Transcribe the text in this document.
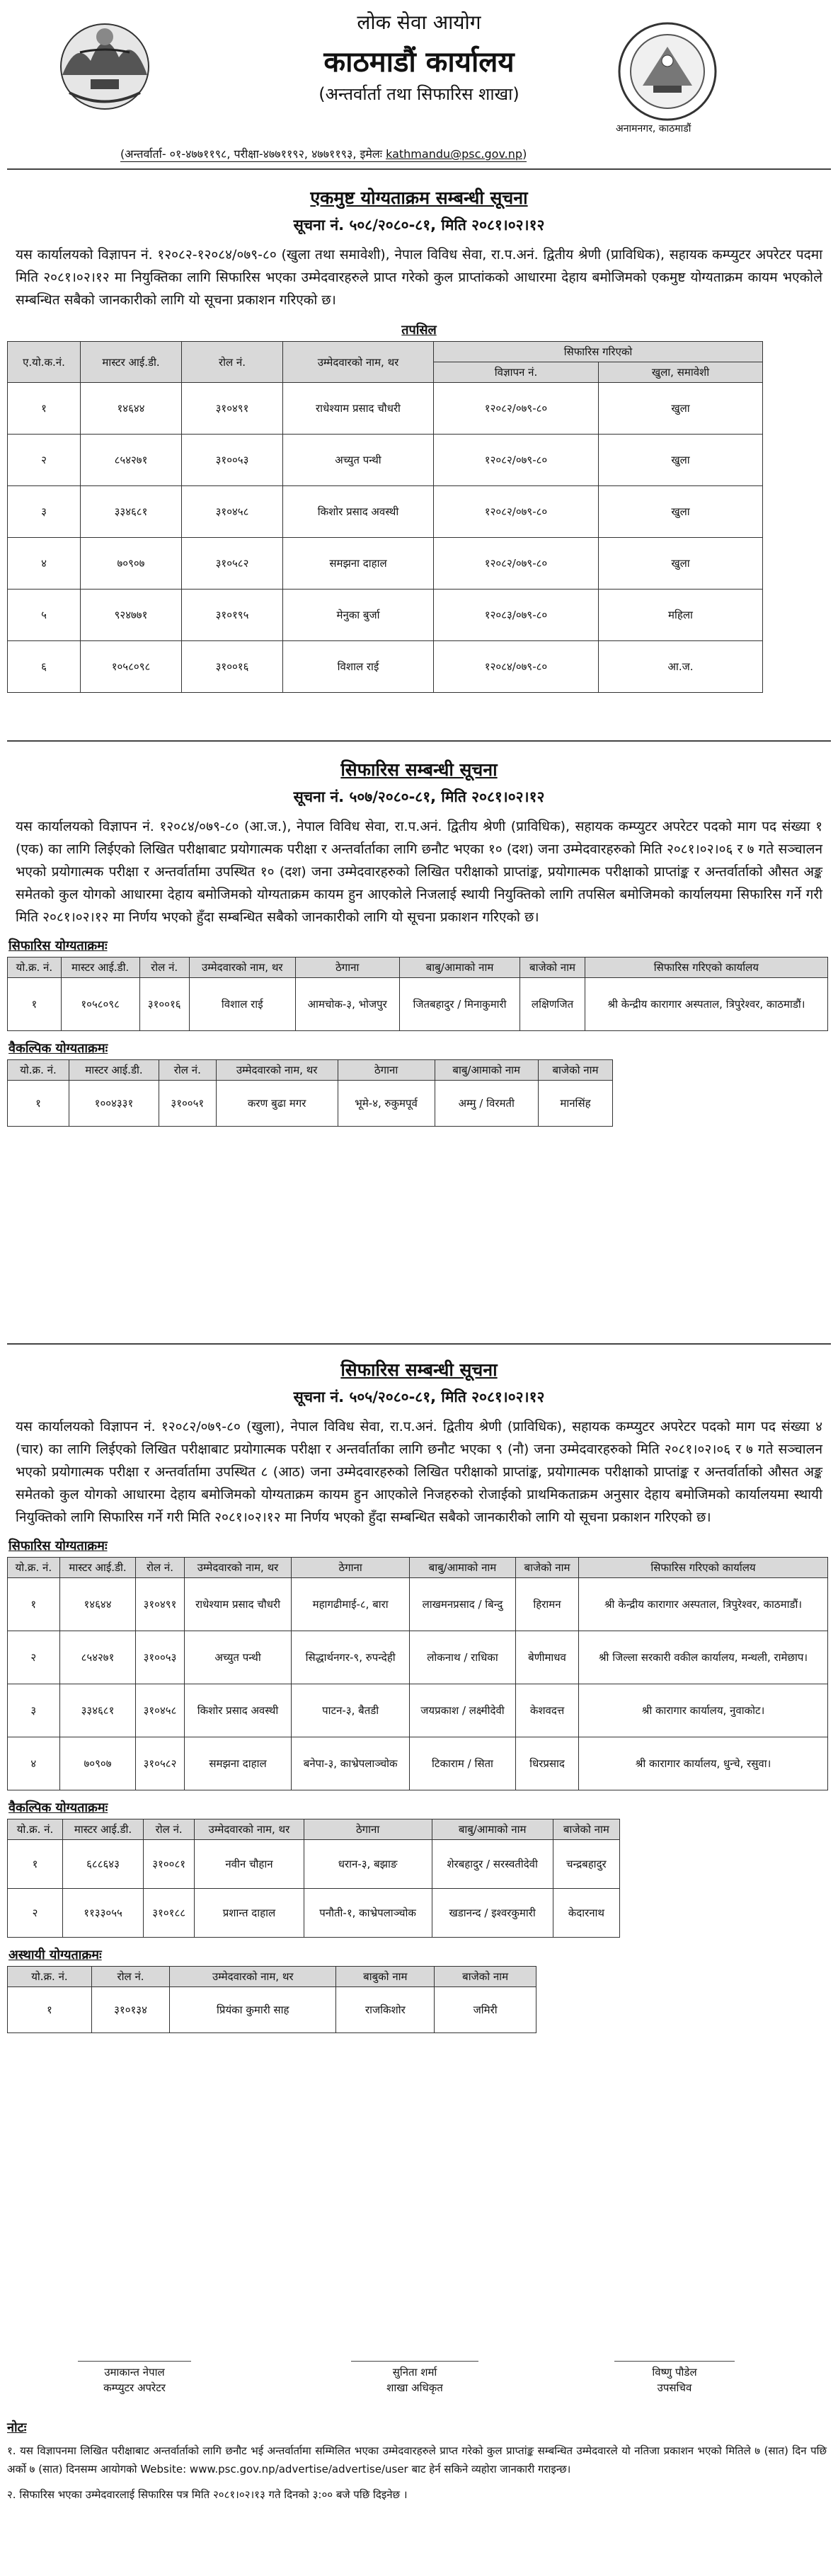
लोक सेवा आयोग
काठमाडौं कार्यालय
(अन्तर्वार्ता तथा सिफारिस शाखा)
अनामनगर, काठमाडौं
(अन्तर्वार्ता- ०१-४७७११९८, परीक्षा-४७७११९२, ४७७११९३, इमेलः kathmandu@psc.gov.np)

एकमुष्ट योग्यताक्रम सम्बन्धी सूचना

सूचना नं. ५०८/२०८०-८१, मिति २०८१।०२।१२

यस कार्यालयको विज्ञापन नं. १२०८२-१२०८४/०७९-८० (खुला तथा समावेशी), नेपाल विविध सेवा, रा.प.अनं. द्वितीय श्रेणी (प्राविधिक), सहायक कम्प्युटर अपरेटर पदमा मिति २०८१।०२।१२ मा नियुक्तिका लागि सिफारिस भएका उम्मेदवारहरुले प्राप्त गरेको कुल प्राप्तांकको आधारमा देहाय बमोजिमको एकमुष्ट योग्यताक्रम कायम भएकोले सम्बन्धित सबैको जानकारीको लागि यो सूचना प्रकाशन गरिएको छ।

तपसिल

ए.यो.क.नं.	मास्टर आई.डी.	रोल नं.	उम्मेदवारको नाम, थर	सिफारिस गरिएको	
				विज्ञापन नं.	खुला, समावेशी
१	१४६४४	३१०४९१	राधेश्याम प्रसाद चौधरी	१२०८२/०७९-८०	खुला
२	८५४२७१	३१००५३	अच्युत पन्थी	१२०८२/०७९-८०	खुला
३	३३४६८१	३१०४५८	किशोर प्रसाद अवस्थी	१२०८२/०७९-८०	खुला
४	७०९०७	३१०५८२	समझना दाहाल	१२०८२/०७९-८०	खुला
५	९२४७७१	३१०१९५	मेनुका बुर्जा	१२०८३/०७९-८०	महिला
६	१०५८०९८	३१००१६	विशाल राई	१२०८४/०७९-८०	आ.ज.

सिफारिस सम्बन्धी सूचना

सूचना नं. ५०७/२०८०-८१, मिति २०८१।०२।१२

यस कार्यालयको विज्ञापन नं. १२०८४/०७९-८० (आ.ज.), नेपाल विविध सेवा, रा.प.अनं. द्वितीय श्रेणी (प्राविधिक), सहायक कम्प्युटर अपरेटर पदको माग पद संख्या १ (एक) का लागि लिईएको लिखित परीक्षाबाट प्रयोगात्मक परीक्षा र अन्तर्वार्ताका लागि छनौट भएका १० (दश) जना उम्मेदवारहरुको मिति २०८१।०२।०६ र ७ गते सञ्चालन भएको प्रयोगात्मक परीक्षा र अन्तर्वार्तामा उपस्थित १० (दश) जना उम्मेदवारहरुको लिखित परीक्षाको प्राप्तांङ्क, प्रयोगात्मक परीक्षाको प्राप्तांङ्क र अन्तर्वार्ताको औसत अङ्क समेतको कुल योगको आधारमा देहाय बमोजिमको योग्यताक्रम कायम हुन आएकोले निजलाई स्थायी नियुक्तिको लागि तपसिल बमोजिमको कार्यालयमा सिफारिस गर्ने गरी मिति २०८१।०२।१२ मा निर्णय भएको हुँदा सम्बन्धित सबैको जानकारीको लागि यो सूचना प्रकाशन गरिएको छ।

सिफारिस योग्यताक्रमः

यो.क्र. नं.	मास्टर आई.डी.	रोल नं.	उम्मेदवारको नाम, थर	ठेगाना	बाबु/आमाको नाम	बाजेको नाम	सिफारिस गरिएको कार्यालय
१	१०५८०९८	३१००१६	विशाल राई	आमचोक-३, भोजपुर	जितबहादुर / मिनाकुमारी	लक्षिणजित	श्री केन्द्रीय कारागार अस्पताल, त्रिपुरेश्वर, काठमाडौं।

वैकल्पिक योग्यताक्रमः

यो.क्र. नं.	मास्टर आई.डी.	रोल नं.	उम्मेदवारको नाम, थर	ठेगाना	बाबु/आमाको नाम	बाजेको नाम
१	१००४३३१	३१००५१	करण बुढा मगर	भूमे-४, रुकुमपूर्व	अम्मु / विरमती	मानसिंह

सिफारिस सम्बन्धी सूचना

सूचना नं. ५०५/२०८०-८१, मिति २०८१।०२।१२

यस कार्यालयको विज्ञापन नं. १२०८२/०७९-८० (खुला), नेपाल विविध सेवा, रा.प.अनं. द्वितीय श्रेणी (प्राविधिक), सहायक कम्प्युटर अपरेटर पदको माग पद संख्या ४ (चार) का लागि लिईएको लिखित परीक्षाबाट प्रयोगात्मक परीक्षा र अन्तर्वार्ताका लागि छनौट भएका ९ (नौ) जना उम्मेदवारहरुको मिति २०८१।०२।०६ र ७ गते सञ्चालन भएको प्रयोगात्मक परीक्षा र अन्तर्वार्तामा उपस्थित ८ (आठ) जना उम्मेदवारहरुको लिखित परीक्षाको प्राप्तांङ्क, प्रयोगात्मक परीक्षाको प्राप्तांङ्क र अन्तर्वार्ताको औसत अङ्क समेतको कुल योगको आधारमा देहाय बमोजिमको योग्यताक्रम कायम हुन आएकोले निजहरुको रोजाईको प्राथमिकताक्रम अनुसार देहाय बमोजिमको कार्यालयमा स्थायी नियुक्तिको लागि सिफारिस गर्ने गरी मिति २०८१।०२।१२ मा निर्णय भएको हुँदा सम्बन्धित सबैको जानकारीको लागि यो सूचना प्रकाशन गरिएको छ।

सिफारिस योग्यताक्रमः

यो.क्र. नं.	मास्टर आई.डी.	रोल नं.	उम्मेदवारको नाम, थर	ठेगाना	बाबु/आमाको नाम	बाजेको नाम	सिफारिस गरिएको कार्यालय
१	१४६४४	३१०४९१	राधेश्याम प्रसाद चौधरी	महागढीमाई-८, बारा	लाखमनप्रसाद / बिन्दु	हिरामन	श्री केन्द्रीय कारागार अस्पताल, त्रिपुरेश्वर, काठमाडौं।
२	८५४२७१	३१००५३	अच्युत पन्थी	सिद्धार्थनगर-९, रुपन्देही	लोकनाथ / राधिका	बेणीमाधव	श्री जिल्ला सरकारी वकील कार्यालय, मन्थली, रामेछाप।
३	३३४६८१	३१०४५८	किशोर प्रसाद अवस्थी	पाटन-३, बैतडी	जयप्रकाश / लक्ष्मीदेवी	केशवदत्त	श्री कारागार कार्यालय, नुवाकोट।
४	७०९०७	३१०५८२	समझना दाहाल	बनेपा-३, काभ्रेपलाञ्चोक	टिकाराम / सिता	धिरप्रसाद	श्री कारागार कार्यालय, धुन्चे, रसुवा।

वैकल्पिक योग्यताक्रमः

यो.क्र. नं.	मास्टर आई.डी.	रोल नं.	उम्मेदवारको नाम, थर	ठेगाना	बाबु/आमाको नाम	बाजेको नाम
१	६८८६४३	३१००८१	नवीन चौहान	धरान-३, बझाङ	शेरबहादुर / सरस्वतीदेवी	चन्द्रबहादुर
२	११३३०५५	३१०१८८	प्रशान्त दाहाल	पनौती-१, काभ्रेपलाञ्चोक	खडानन्द / इश्वरकुमारी	केदारनाथ

अस्थायी योग्यताक्रमः

यो.क्र. नं.	रोल नं.	उम्मेदवारको नाम, थर	बाबुको नाम	बाजेको नाम
१	३१०१३४	प्रियंका कुमारी साह	राजकिशोर	जमिरी
उमाकान्त नेपाल
कम्प्युटर अपरेटर
सुनिता शर्मा
शाखा अधिकृत
विष्णु पौडेल
उपसचिव
नोटः

१. यस विज्ञापनमा लिखित परीक्षाबाट अन्तर्वार्ताको लागि छनौट भई अन्तर्वार्तामा सम्मिलित भएका उम्मेदवारहरुले प्राप्त गरेको कुल प्राप्तांङ्क सम्बन्धित उम्मेदवारले यो नतिजा प्रकाशन भएको मितिले ७ (सात) दिन पछि अर्को ७ (सात) दिनसम्म आयोगको Website: www.psc.gov.np/advertise/advertise/user बाट हेर्न सकिने व्यहोरा जानकारी गराइन्छ।

२. सिफारिस भएका उम्मेदवारलाई सिफारिस पत्र मिति २०८१।०२।१३ गते दिनको ३:०० बजे पछि दिइनेछ ।
